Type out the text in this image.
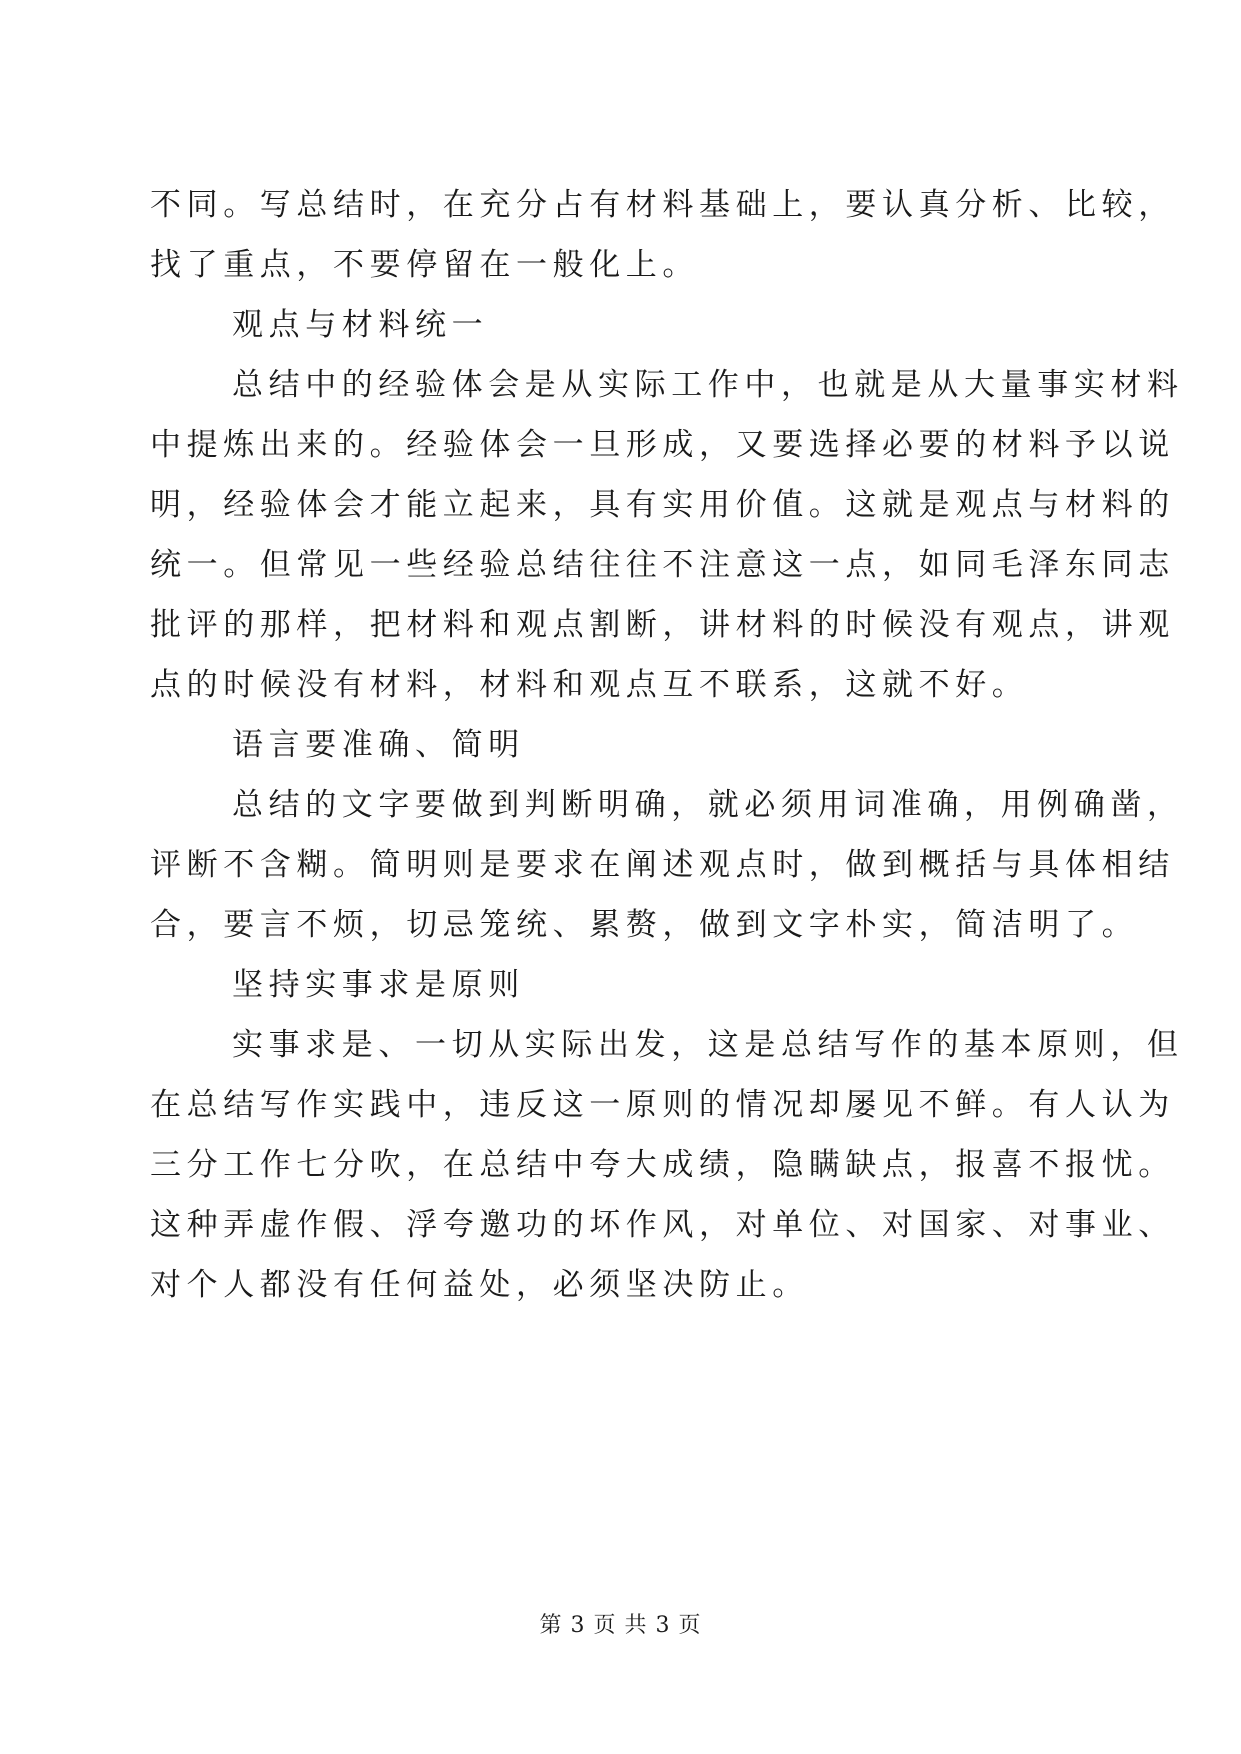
不同。写总结时，在充分占有材料基础上，要认真分析、比较，
找了重点，不要停留在一般化上。
观点与材料统一
总结中的经验体会是从实际工作中，也就是从大量事实材料
中提炼出来的。经验体会一旦形成，又要选择必要的材料予以说
明，经验体会才能立起来，具有实用价值。这就是观点与材料的
统一。但常见一些经验总结往往不注意这一点，如同毛泽东同志
批评的那样，把材料和观点割断，讲材料的时候没有观点，讲观
点的时候没有材料，材料和观点互不联系，这就不好。
语言要准确、简明
总结的文字要做到判断明确，就必须用词准确，用例确凿，
评断不含糊。简明则是要求在阐述观点时，做到概括与具体相结
合，要言不烦，切忌笼统、累赘，做到文字朴实，简洁明了。
坚持实事求是原则
实事求是、一切从实际出发，这是总结写作的基本原则，但
在总结写作实践中，违反这一原则的情况却屡见不鲜。有人认为
三分工作七分吹，在总结中夸大成绩，隐瞒缺点，报喜不报忧。
这种弄虚作假、浮夸邀功的坏作风，对单位、对国家、对事业、
对个人都没有任何益处，必须坚决防止。
第 3 页 共 3 页
